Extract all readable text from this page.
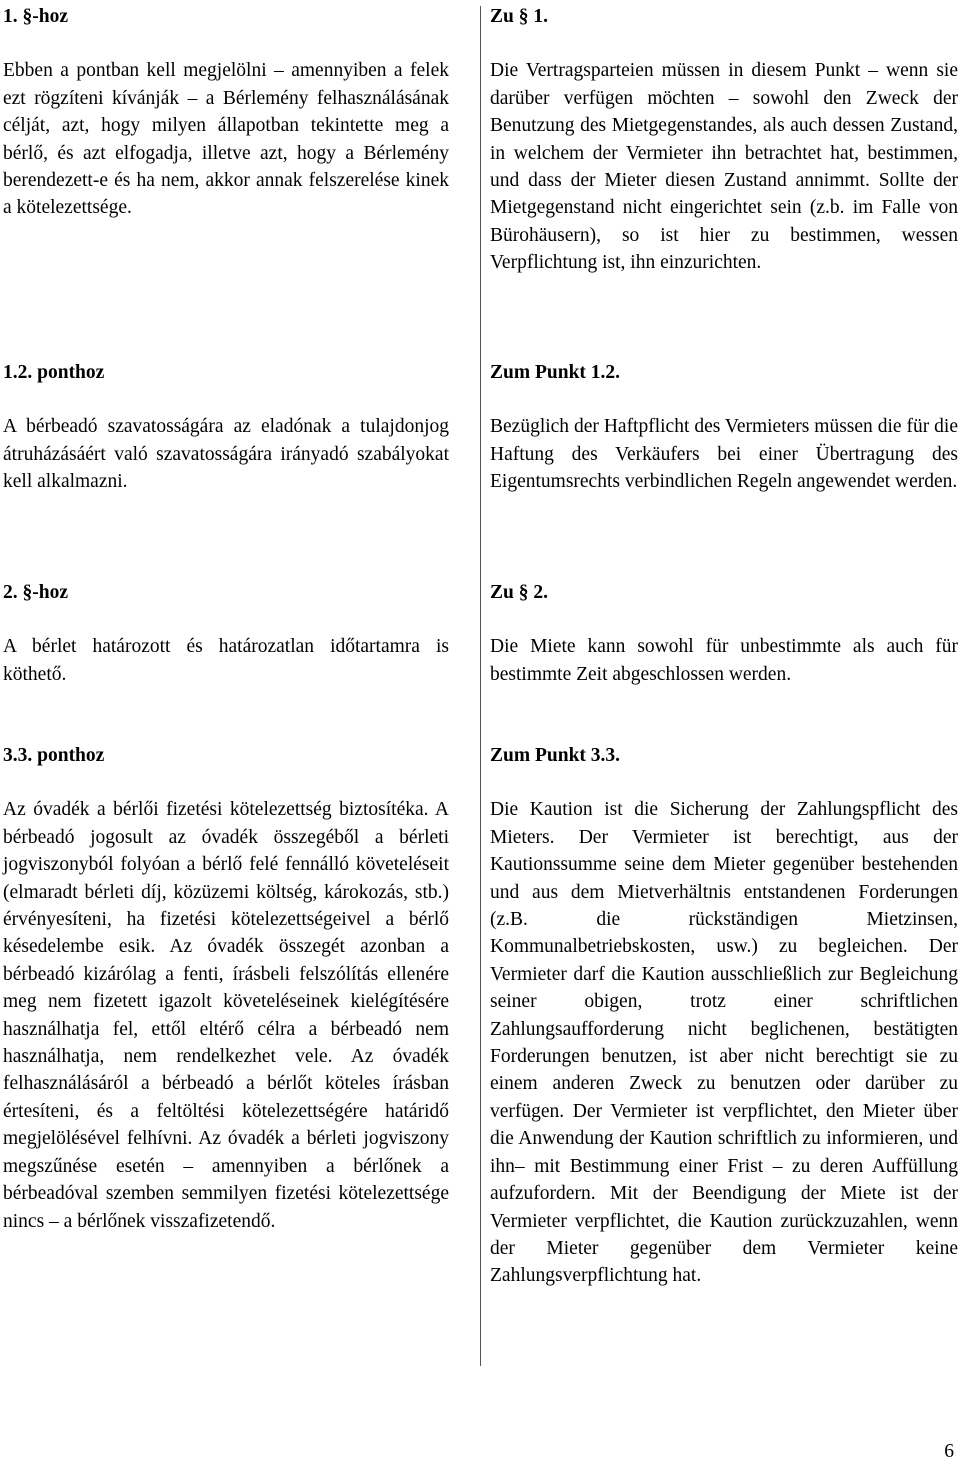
1. §-hoz

Ebben a pontban kell megjelölni – amennyiben a felek ezt rögzíteni kívánják – a Bérlemény felhasználásának célját, azt, hogy milyen állapotban tekintette meg a bérlő, és azt elfogadja, illetve azt, hogy a Bérlemény berendezett-e és ha nem, akkor annak felszerelése kinek a kötelezettsége.

1.2. ponthoz

A bérbeadó szavatosságára az eladónak a tulajdonjog átruházásáért való szavatosságára irányadó szabályokat kell alkalmazni.

2. §-hoz

A bérlet határozott és határozatlan időtartamra is köthető.

3.3. ponthoz

Az óvadék a bérlői fizetési kötelezettség biztosítéka. A bérbeadó jogosult az óvadék összegéből a bérleti jogviszonyból folyóan a bérlő felé fennálló követeléseit (elmaradt bérleti díj, közüzemi költség, károkozás, stb.) érvényesíteni, ha fizetési kötelezettségeivel a bérlő késedelembe esik. Az óvadék összegét azonban a bérbeadó kizárólag a fenti, írásbeli felszólítás ellenére meg nem fizetett igazolt követeléseinek kielégítésére használhatja fel, ettől eltérő célra a bérbeadó nem használhatja, nem rendelkezhet vele. Az óvadék felhasználásáról a bérbeadó a bérlőt köteles írásban értesíteni, és a feltöltési kötelezettségére határidő megjelölésével felhívni. Az óvadék a bérleti jogviszony megszűnése esetén – amennyiben a bérlőnek a bérbeadóval szemben semmilyen fizetési kötelezettsége nincs – a bérlőnek visszafizetendő.

Zu § 1.

Die Vertragsparteien müssen in diesem Punkt – wenn sie darüber verfügen möchten – sowohl den Zweck der Benutzung des Mietgegenstandes, als auch dessen Zustand, in welchem der Vermieter ihn betrachtet hat, bestimmen, und dass der Mieter diesen Zustand annimmt. Sollte der Mietgegenstand nicht eingerichtet sein (z.b. im Falle von Bürohäusern), so ist hier zu bestimmen, wessen Verpflichtung ist, ihn einzurichten.

Zum Punkt 1.2.

Bezüglich der Haftpflicht des Vermieters müssen die für die Haftung des Verkäufers bei einer Übertragung des Eigentumsrechts verbindlichen Regeln angewendet werden.

Zu § 2.

Die Miete kann sowohl für unbestimmte als auch für bestimmte Zeit abgeschlossen werden.

Zum Punkt 3.3.

Die Kaution ist die Sicherung der Zahlungspflicht des Mieters. Der Vermieter ist berechtigt, aus der Kautionssumme seine dem Mieter gegenüber bestehenden und aus dem Mietverhältnis entstandenen Forderungen (z.B. die rückständigen Mietzinsen, Kommunalbetriebskosten, usw.) zu begleichen. Der Vermieter darf die Kaution ausschließlich zur Begleichung seiner obigen, trotz einer schriftlichen Zahlungsaufforderung nicht beglichenen, bestätigten Forderungen benutzen, ist aber nicht berechtigt sie zu einem anderen Zweck zu benutzen oder darüber zu verfügen. Der Vermieter ist verpflichtet, den Mieter über die Anwendung der Kaution schriftlich zu informieren, und ihn– mit Bestimmung einer Frist – zu deren Auffüllung aufzufordern. Mit der Beendigung der Miete ist der Vermieter verpflichtet, die Kaution zurückzuzahlen, wenn der Mieter gegenüber dem Vermieter keine Zahlungsverpflichtung hat.

6
